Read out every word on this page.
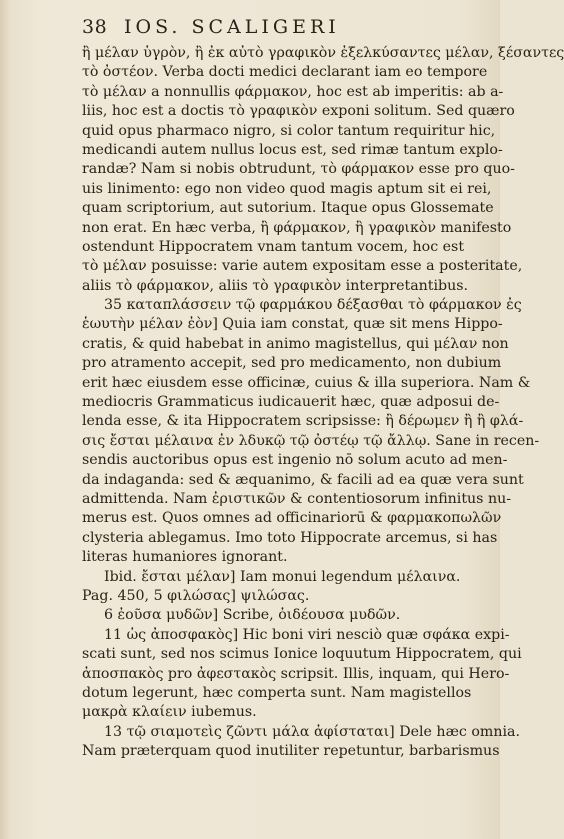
38 IOS. SCALIGERI
ἢ μέλαν ὑγρὸν, ἢ ἐκ αὐτὸ γραφικὸν ἐξελκύσαντες μέλαν, ξέσαντες
τὸ ὀστέον. Verba docti medici declarant iam eo tempore
τὸ μέλαν a nonnullis φάρμακον, hoc est ab imperitis: ab a-
liis, hoc est a doctis τὸ γραφικὸν exponi solitum. Sed quæro
quid opus pharmaco nigro, si color tantum requiritur hic,
medicandi autem nullus locus est, sed rimæ tantum explo-
randæ? Nam si nobis obtrudunt, τὸ φάρμακον esse pro quo-
uis linimento: ego non video quod magis aptum sit ei rei,
quam scriptorium, aut sutorium. Itaque opus Glossemate
non erat. En hæc verba, ἢ φάρμακον, ἢ γραφικὸν manifesto
ostendunt Hippocratem vnam tantum vocem, hoc est
τὸ μέλαν posuisse: varie autem expositam esse a posteritate,
aliis τὸ φάρμακον, aliis τὸ γραφικὸν interpretantibus.
35 καταπλάσσειν τῷ φαρμάκου δέξασθαι τὸ φάρμακον ἐς
ἑωυτὴν μέλαν ἐὸν] Quia iam constat, quæ sit mens Hippo-
cratis, & quid habebat in animo magistellus, qui μέλαν non
pro atramento accepit, sed pro medicamento, non dubium
erit hæc eiusdem esse officinæ, cuius & illa superiora. Nam &
mediocris Grammaticus iudicauerit hæc, quæ adposui de-
lenda esse, & ita Hippocratem scripsisse: ἢ δέρωμεν ἢ ἢ φλά-
σις ἔσται μέλαινα ἐν λδυκῷ τῷ ὀστέῳ τῷ ἄλλῳ. Sane in recen-
sendis auctoribus opus est ingenio nō solum acuto ad men-
da indaganda: sed & æquanimo, & facili ad ea quæ vera sunt
admittenda. Nam ἐριστικῶν & contentiosorum infinitus nu-
merus est. Quos omnes ad officinariorū & φαρμακοπωλῶν
clysteria ablegamus. Imo toto Hippocrate arcemus, si has
literas humaniores ignorant.
Ibid. ἔσται μέλαν] Iam monui legendum μέλαινα.
Pag. 450, 5 φιλώσας] ψιλώσας.
6 ἐοῦσα μυδῶν] Scribe, ὁιδέουσα μυδῶν.
11 ὡς ἀποσφακὸς] Hic boni viri nesciò quæ σφάκα expi-
scati sunt, sed nos scimus Ionice loquutum Hippocratem, qui
ἀποσπακὸς pro ἀφεστακὸς scripsit. Illis, inquam, qui Hero-
dotum legerunt, hæc comperta sunt. Nam magistellos
μακρὰ κλαίειν iubemus.
13 τῷ σιαμοτεὶς ζῶντι μάλα ἀφίσταται] Dele hæc omnia.
Nam præterquam quod inutiliter repetuntur, barbarismus
